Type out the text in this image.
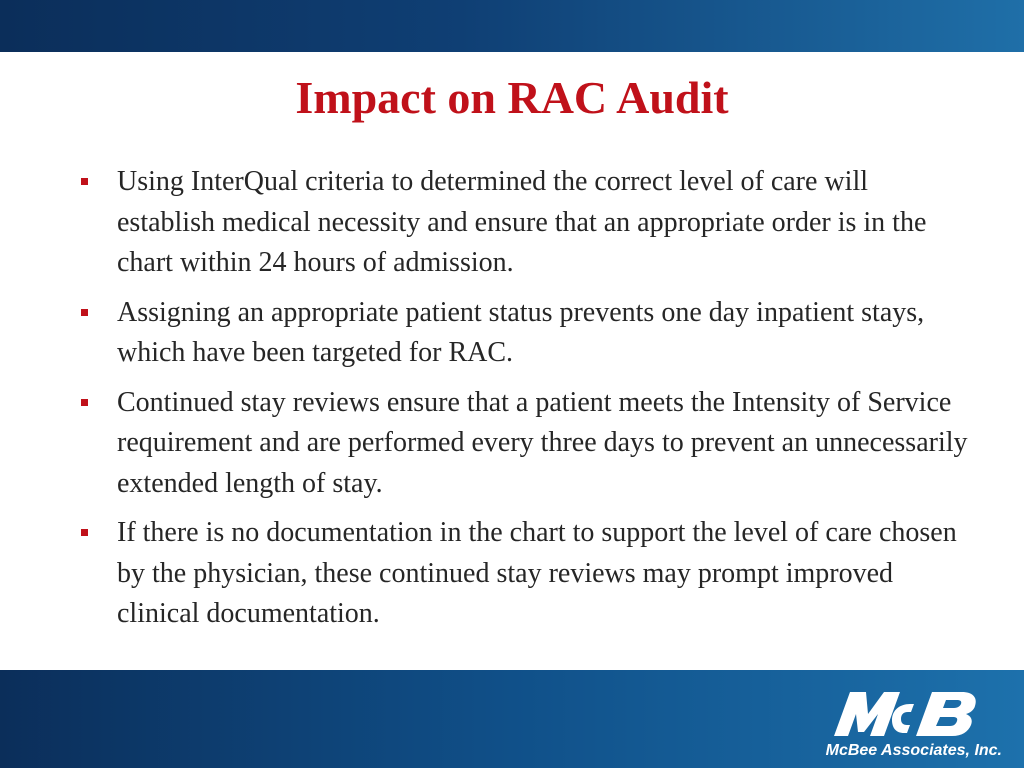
Impact on RAC Audit
Using InterQual criteria to determined the correct level of care will establish medical necessity and ensure that an appropriate order is in the chart within 24 hours of admission.
Assigning an appropriate patient status prevents one day inpatient stays, which have been targeted for RAC.
Continued stay reviews ensure that a patient meets the Intensity of Service requirement and are performed every three days to prevent an unnecessarily extended length of stay.
If there is no documentation in the chart to support the level of care chosen by the physician, these continued stay reviews may prompt improved clinical documentation.
McBee Associates, Inc.
